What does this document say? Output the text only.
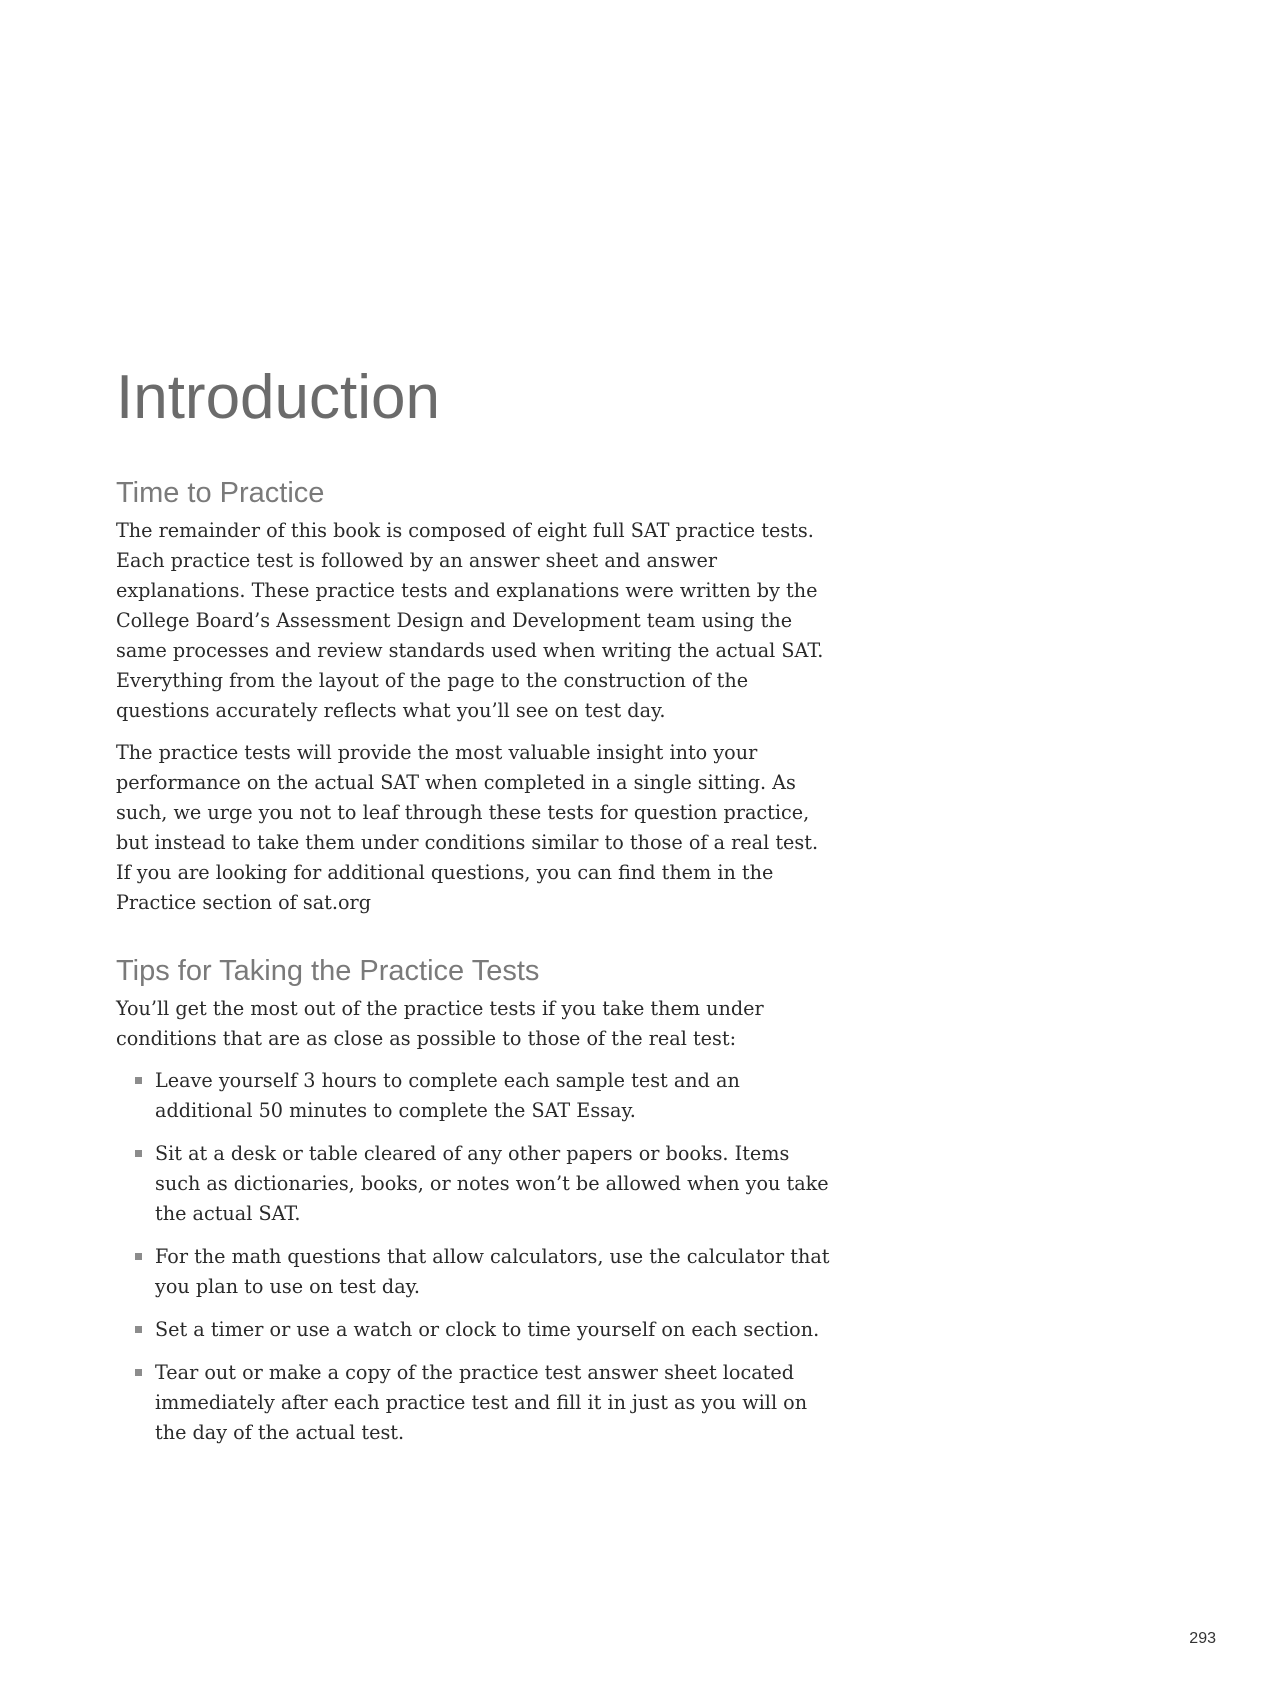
Introduction
Time to Practice

The remainder of this book is composed of eight full SAT practice tests. Each practice test is followed by an answer sheet and answer explanations. These practice tests and explanations were written by the College Board’s Assessment Design and Development team using the same processes and review standards used when writing the actual SAT. Everything from the layout of the page to the construction of the questions accurately reflects what you’ll see on test day.

The practice tests will provide the most valuable insight into your performance on the actual SAT when completed in a single sitting. As such, we urge you not to leaf through these tests for question practice, but instead to take them under conditions similar to those of a real test. If you are looking for additional questions, you can find them in the Practice section of sat.org

Tips for Taking the Practice Tests

You’ll get the most out of the practice tests if you take them under conditions that are as close as possible to those of the real test:

Leave yourself 3 hours to complete each sample test and an additional 50 minutes to complete the SAT Essay.
Sit at a desk or table cleared of any other papers or books. Items such as dictionaries, books, or notes won’t be allowed when you take the actual SAT.
For the math questions that allow calculators, use the calculator that you plan to use on test day.
Set a timer or use a watch or clock to time yourself on each section.
Tear out or make a copy of the practice test answer sheet located immediately after each practice test and fill it in just as you will on the day of the actual test.
293
